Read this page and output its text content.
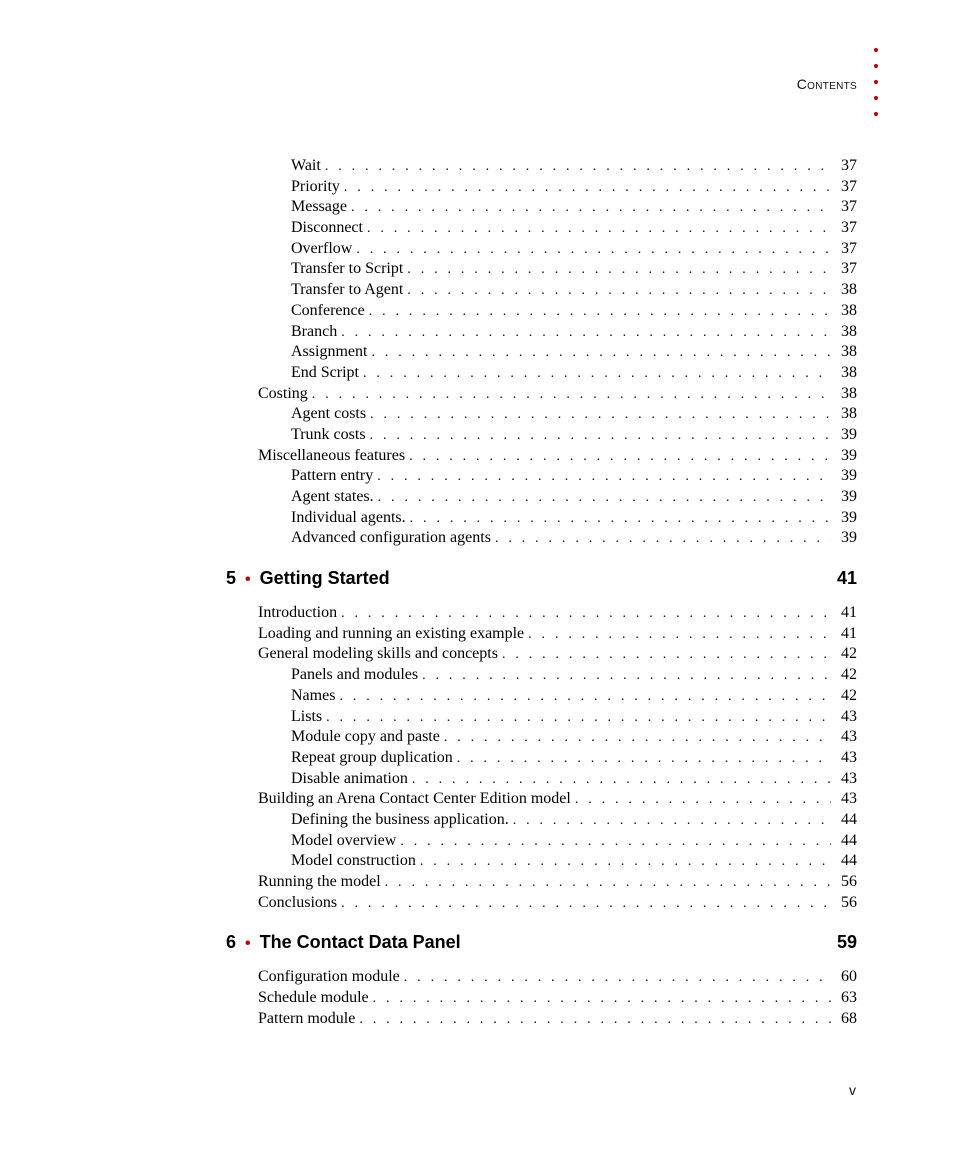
Contents
Wait . . .	37
Priority . . .	37
Message . . .	37
Disconnect . . .	37
Overflow . . .	37
Transfer to Script . . .	37
Transfer to Agent . . .	38
Conference . . .	38
Branch . . .	38
Assignment . . .	38
End Script . . .	38
Costing . . .	38
Agent costs . . .	38
Trunk costs . . .	39
Miscellaneous features . . .	39
Pattern entry . . .	39
Agent states. . . .	39
Individual agents. . . .	39
Advanced configuration agents . . .	39
5 • Getting Started	41
Introduction . . .	41
Loading and running an existing example . . .	41
General modeling skills and concepts . . .	42
Panels and modules . . .	42
Names . . .	42
Lists . . .	43
Module copy and paste . . .	43
Repeat group duplication . . .	43
Disable animation . . .	43
Building an Arena Contact Center Edition model . . .	43
Defining the business application. . . .	44
Model overview . . .	44
Model construction . . .	44
Running the model . . .	56
Conclusions . . .	56
6 • The Contact Data Panel	59
Configuration module . . .	60
Schedule module . . .	63
Pattern module . . .	68
v
